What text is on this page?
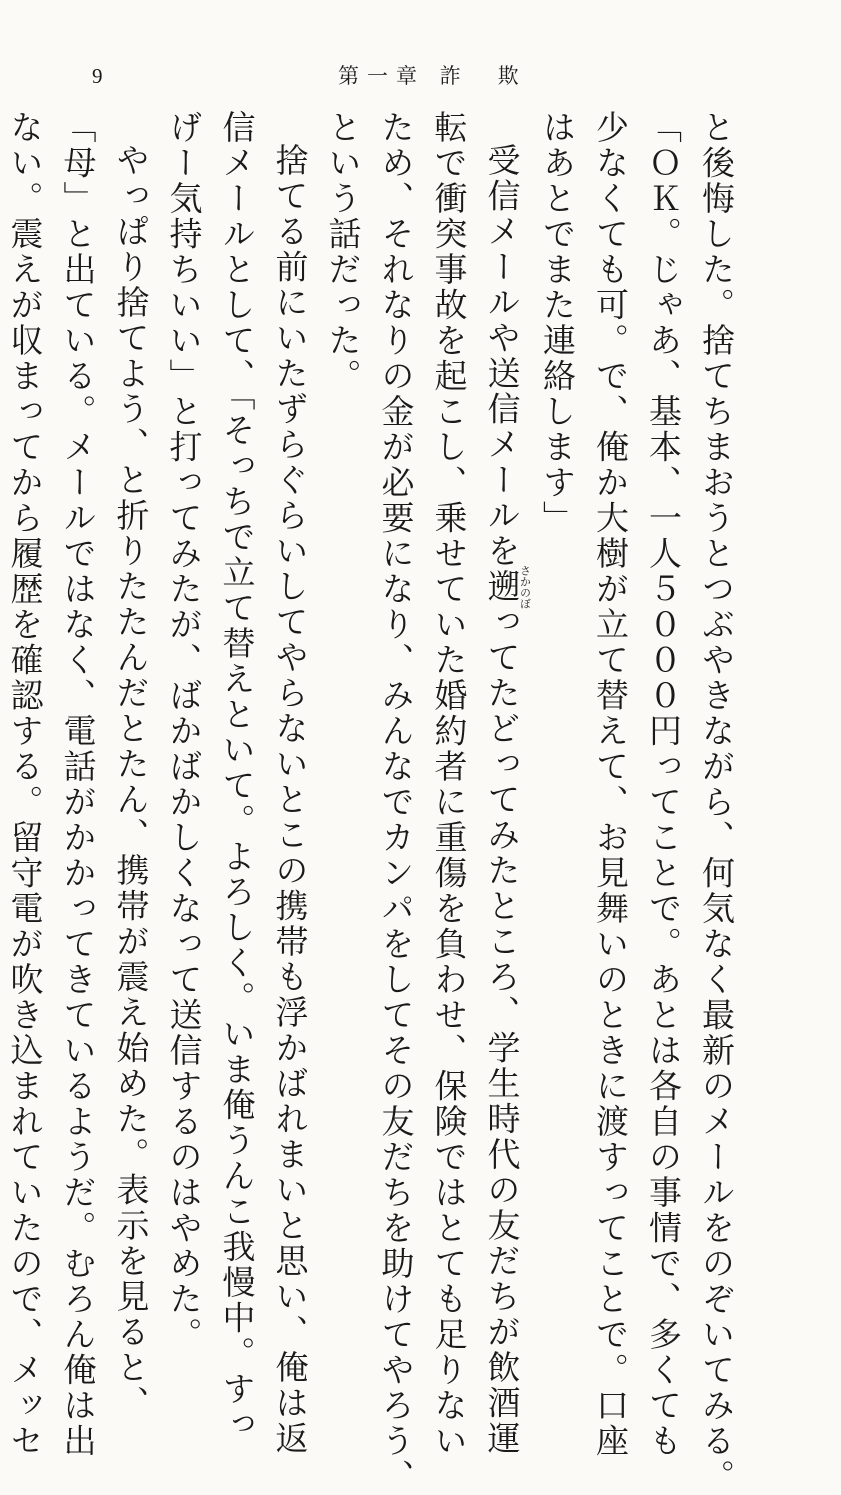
9	第一章 詐　欺

と後悔した。捨てちまおうとつぶやきながら、何気なく最新のメールをのぞいてみる。

「ＯＫ。じゃあ、基本、一人５０００円ってことで。あとは各自の事情で、多くても

少なくても可。で、俺か大樹が立て替えて、お見舞いのときに渡すってことで。口座

はあとでまた連絡します」

受信メールや送信メールを遡さかのぼってたどってみたところ、学生時代の友だちが飲酒運

転で衝突事故を起こし、乗せていた婚約者に重傷を負わせ、保険ではとても足りない

ため、それなりの金が必要になり、みんなでカンパをしてその友だちを助けてやろう、

という話だった。

捨てる前にいたずらぐらいしてやらないとこの携帯も浮かばれまいと思い、俺は返

信メールとして、「そっちで立て替えといて。よろしく。いま俺うんこ我慢中。すっ

げー気持ちいい」と打ってみたが、ばかばかしくなって送信するのはやめた。

やっぱり捨てよう、と折りたたんだとたん、携帯が震え始めた。表示を見ると、

「母」と出ている。メールではなく、電話がかかってきているようだ。むろん俺は出

ない。震えが収まってから履歴を確認する。留守電が吹き込まれていたので、メッセ
